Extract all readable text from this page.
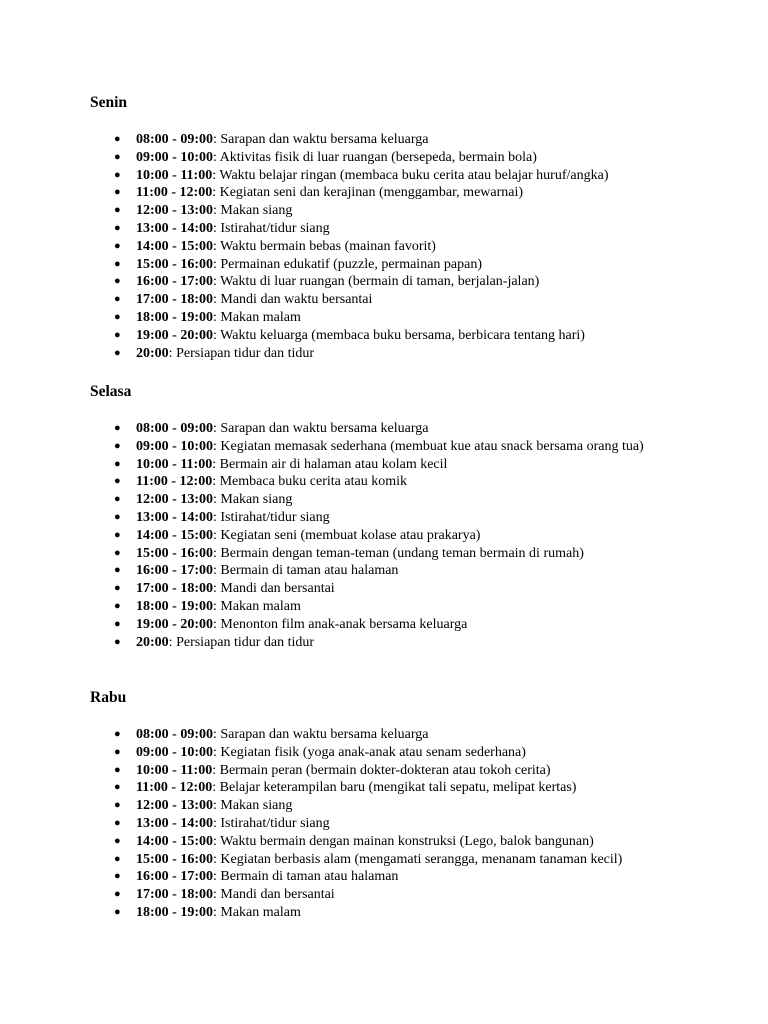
Senin
● 08:00 - 09:00: Sarapan dan waktu bersama keluarga
● 09:00 - 10:00: Aktivitas fisik di luar ruangan (bersepeda, bermain bola)
● 10:00 - 11:00: Waktu belajar ringan (membaca buku cerita atau belajar huruf/angka)
● 11:00 - 12:00: Kegiatan seni dan kerajinan (menggambar, mewarnai)
● 12:00 - 13:00: Makan siang
● 13:00 - 14:00: Istirahat/tidur siang
● 14:00 - 15:00: Waktu bermain bebas (mainan favorit)
● 15:00 - 16:00: Permainan edukatif (puzzle, permainan papan)
● 16:00 - 17:00: Waktu di luar ruangan (bermain di taman, berjalan-jalan)
● 17:00 - 18:00: Mandi dan waktu bersantai
● 18:00 - 19:00: Makan malam
● 19:00 - 20:00: Waktu keluarga (membaca buku bersama, berbicara tentang hari)
● 20:00: Persiapan tidur dan tidur
Selasa
● 08:00 - 09:00: Sarapan dan waktu bersama keluarga
● 09:00 - 10:00: Kegiatan memasak sederhana (membuat kue atau snack bersama orang tua)
● 10:00 - 11:00: Bermain air di halaman atau kolam kecil
● 11:00 - 12:00: Membaca buku cerita atau komik
● 12:00 - 13:00: Makan siang
● 13:00 - 14:00: Istirahat/tidur siang
● 14:00 - 15:00: Kegiatan seni (membuat kolase atau prakarya)
● 15:00 - 16:00: Bermain dengan teman-teman (undang teman bermain di rumah)
● 16:00 - 17:00: Bermain di taman atau halaman
● 17:00 - 18:00: Mandi dan bersantai
● 18:00 - 19:00: Makan malam
● 19:00 - 20:00: Menonton film anak-anak bersama keluarga
● 20:00: Persiapan tidur dan tidur
Rabu
● 08:00 - 09:00: Sarapan dan waktu bersama keluarga
● 09:00 - 10:00: Kegiatan fisik (yoga anak-anak atau senam sederhana)
● 10:00 - 11:00: Bermain peran (bermain dokter-dokteran atau tokoh cerita)
● 11:00 - 12:00: Belajar keterampilan baru (mengikat tali sepatu, melipat kertas)
● 12:00 - 13:00: Makan siang
● 13:00 - 14:00: Istirahat/tidur siang
● 14:00 - 15:00: Waktu bermain dengan mainan konstruksi (Lego, balok bangunan)
● 15:00 - 16:00: Kegiatan berbasis alam (mengamati serangga, menanam tanaman kecil)
● 16:00 - 17:00: Bermain di taman atau halaman
● 17:00 - 18:00: Mandi dan bersantai
● 18:00 - 19:00: Makan malam
